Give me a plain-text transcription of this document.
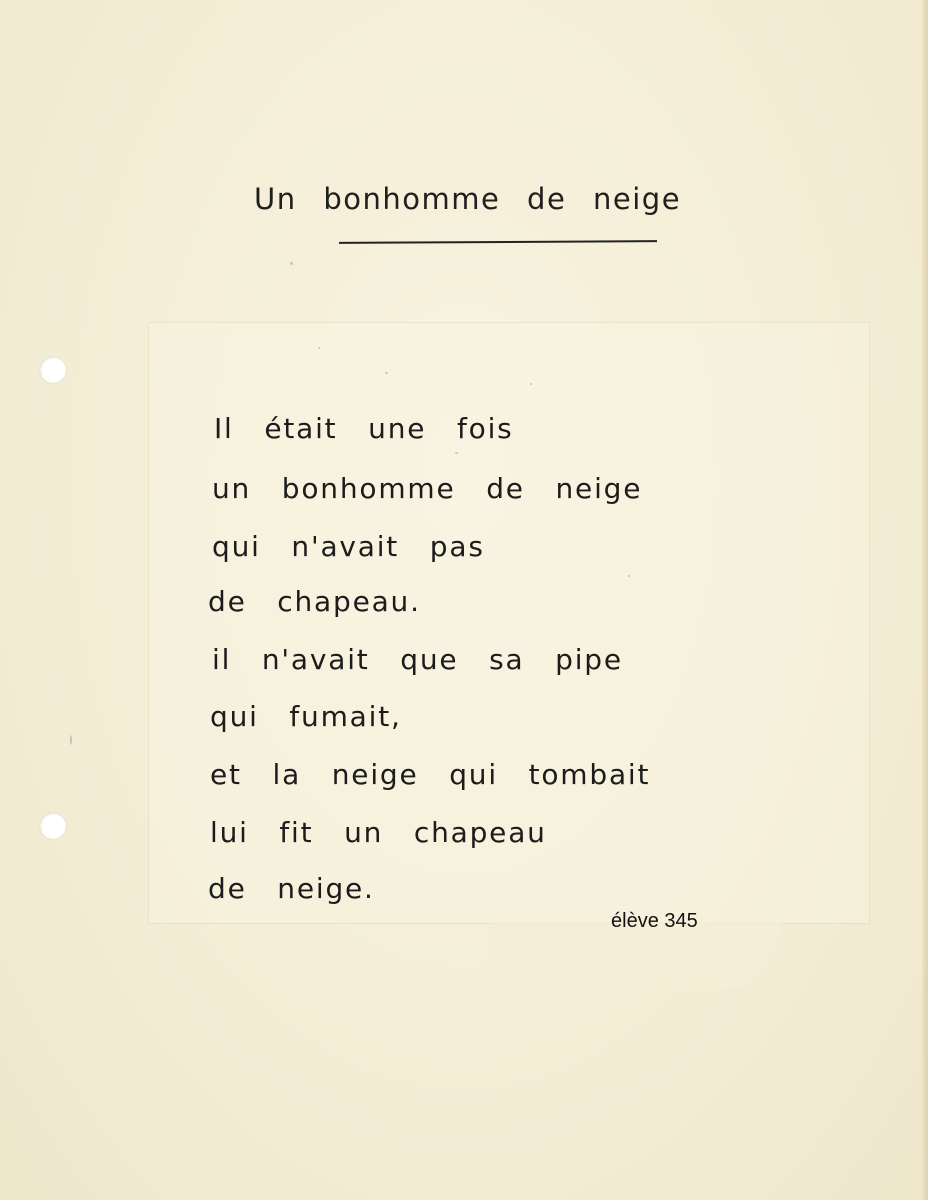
Un bonhomme de neige

Il était une fois

un bonhomme de neige

qui n'avait pas

de chapeau.

il n'avait que sa pipe

qui fumait,

et la neige qui tombait

lui fit un chapeau

de neige.

élève 345
